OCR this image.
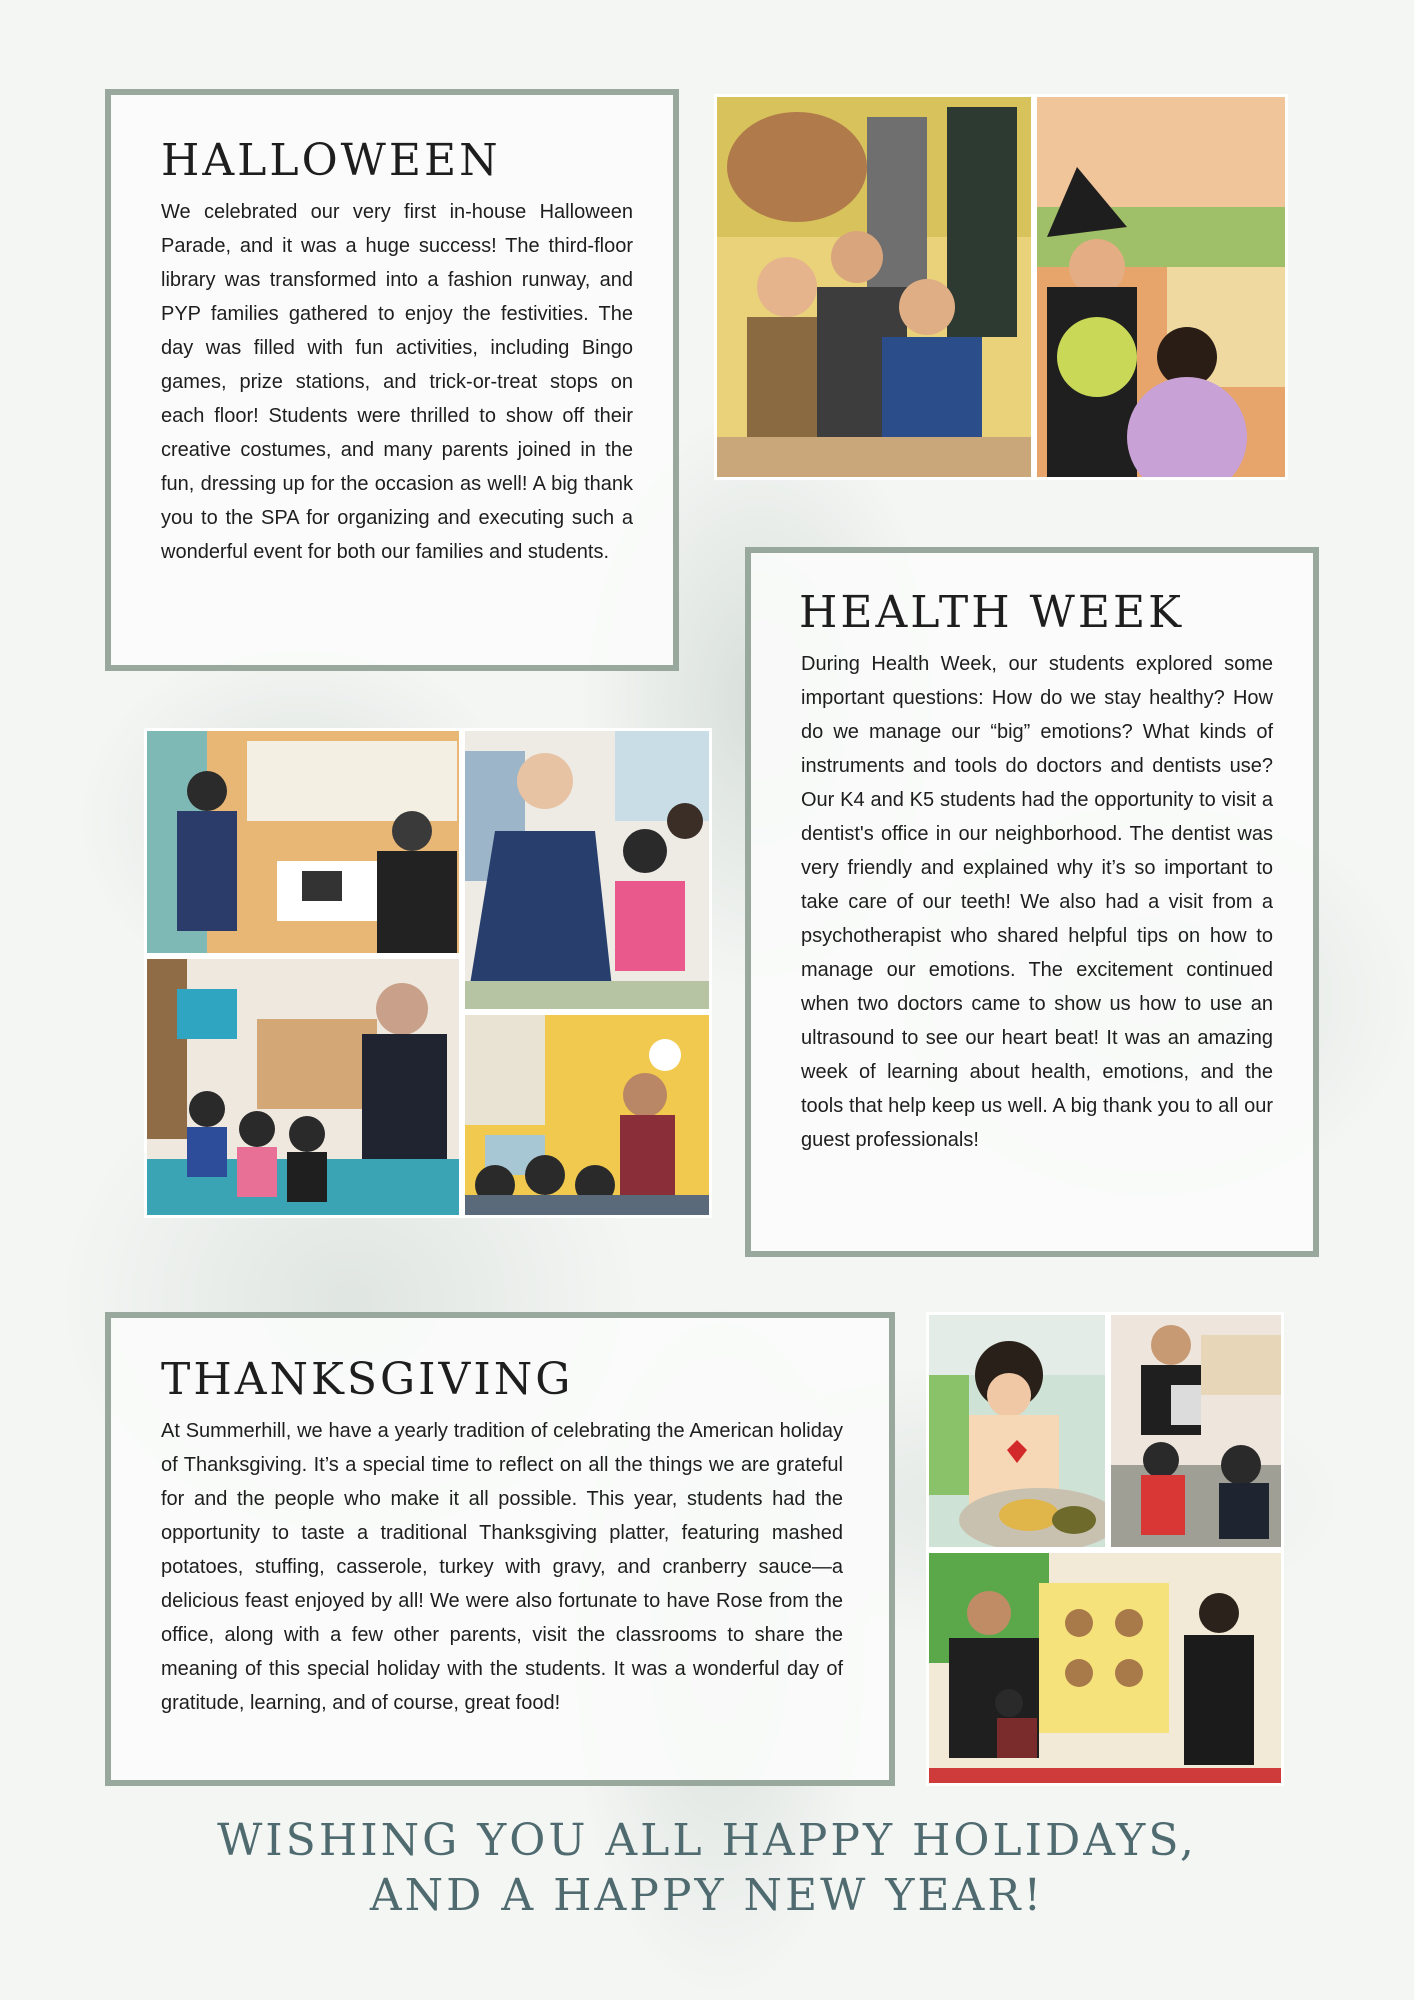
HALLOWEEN

We celebrated our very first in-house Halloween Parade, and it was a huge success! The third-floor library was transformed into a fashion runway, and PYP families gathered to enjoy the festivities. The day was filled with fun activities, including Bingo games, prize stations, and trick-or-treat stops on each floor! Students were thrilled to show off their creative costumes, and many parents joined in the fun, dressing up for the occasion as well! A big thank you to the SPA for organizing and executing such a wonderful event for both our families and students.

HEALTH WEEK

During Health Week, our students explored some important questions: How do we stay healthy? How do we manage our “big” emotions? What kinds of instruments and tools do doctors and dentists use? Our K4 and K5 students had the opportunity to visit a dentist's office in our neighborhood. The dentist was very friendly and explained why it’s so important to take care of our teeth! We also had a visit from a psychotherapist who shared helpful tips on how to manage our emotions. The excitement continued when two doctors came to show us how to use an ultrasound to see our heart beat! It was an amazing week of learning about health, emotions, and the tools that help keep us well. A big thank you to all our guest professionals!

THANKSGIVING

At Summerhill, we have a yearly tradition of celebrating the American holiday of Thanksgiving. It’s a special time to reflect on all the things we are grateful for and the people who make it all possible. This year, students had the opportunity to taste a traditional Thanksgiving platter, featuring mashed potatoes, stuffing, casserole, turkey with gravy, and cranberry sauce—a delicious feast enjoyed by all! We were also fortunate to have Rose from the office, along with a few other parents, visit the classrooms to share the meaning of this special holiday with the students. It was a wonderful day of gratitude, learning, and of course, great food!

WISHING YOU ALL HAPPY HOLIDAYS,

AND A HAPPY NEW YEAR!
